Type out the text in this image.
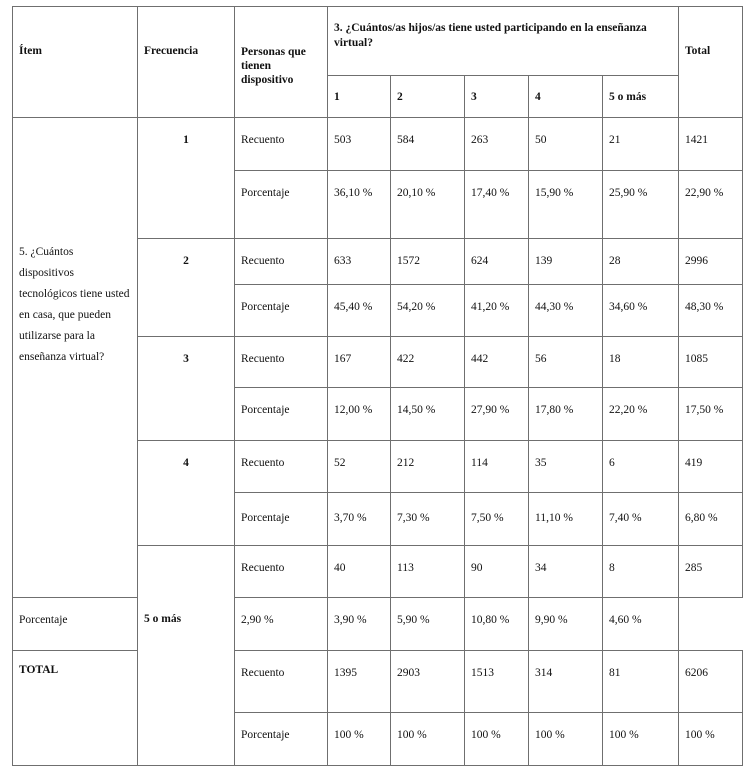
Ítem	Frecuencia	Personas que tienen dispositivo	3. ¿Cuántos/as hijos/as tiene usted participando en la enseñanza virtual?					Total
			1	2	3	4	5 o más	
5. ¿Cuántos dispositivos tecnológicos tiene usted en casa, que pueden utilizarse para la enseñanza virtual?	1	Recuento	503	584	263	50	21	1421
		Porcentaje	36,10 %	20,10 %	17,40 %	15,90 %	25,90 %	22,90 %
	2	Recuento	633	1572	624	139	28	2996
		Porcentaje	45,40 %	54,20 %	41,20 %	44,30 %	34,60 %	48,30 %
	3	Recuento	167	422	442	56	18	1085
		Porcentaje	12,00 %	14,50 %	27,90 %	17,80 %	22,20 %	17,50 %
	4	Recuento	52	212	114	35	6	419
		Porcentaje	3,70 %	7,30 %	7,50 %	11,10 %	7,40 %	6,80 %
	5 o más	Recuento	40	113	90	34	8	285
Porcentaje		2,90 %	3,90 %	5,90 %	10,80 %	9,90 %	4,60 %	
TOTAL		Recuento	1395	2903	1513	314	81	6206
		Porcentaje	100 %	100 %	100 %	100 %	100 %	100 %
